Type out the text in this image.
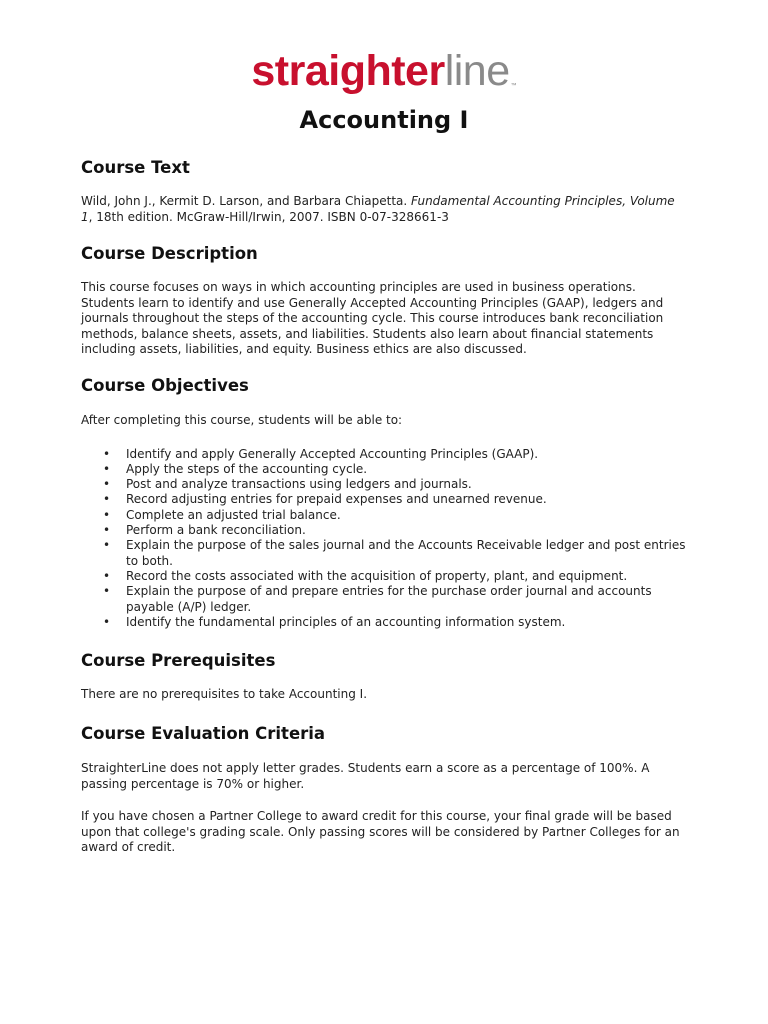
straighterline™
Accounting I
Course Text

Wild, John J., Kermit D. Larson, and Barbara Chiapetta. Fundamental Accounting Principles, Volume 1, 18th edition. McGraw-Hill/Irwin, 2007. ISBN 0-07-328661-3

Course Description

This course focuses on ways in which accounting principles are used in business operations. Students learn to identify and use Generally Accepted Accounting Principles (GAAP), ledgers and journals throughout the steps of the accounting cycle. This course introduces bank reconciliation methods, balance sheets, assets, and liabilities. Students also learn about financial statements including assets, liabilities, and equity. Business ethics are also discussed.

Course Objectives

After completing this course, students will be able to:

• Identify and apply Generally Accepted Accounting Principles (GAAP).
• Apply the steps of the accounting cycle.
• Post and analyze transactions using ledgers and journals.
• Record adjusting entries for prepaid expenses and unearned revenue.
• Complete an adjusted trial balance.
• Perform a bank reconciliation.
• Explain the purpose of the sales journal and the Accounts Receivable ledger and post entries to both.
• Record the costs associated with the acquisition of property, plant, and equipment.
• Explain the purpose of and prepare entries for the purchase order journal and accounts payable (A/P) ledger.
• Identify the fundamental principles of an accounting information system.
Course Prerequisites

There are no prerequisites to take Accounting I.

Course Evaluation Criteria

StraighterLine does not apply letter grades. Students earn a score as a percentage of 100%. A passing percentage is 70% or higher.

If you have chosen a Partner College to award credit for this course, your final grade will be based upon that college's grading scale. Only passing scores will be considered by Partner Colleges for an award of credit.
